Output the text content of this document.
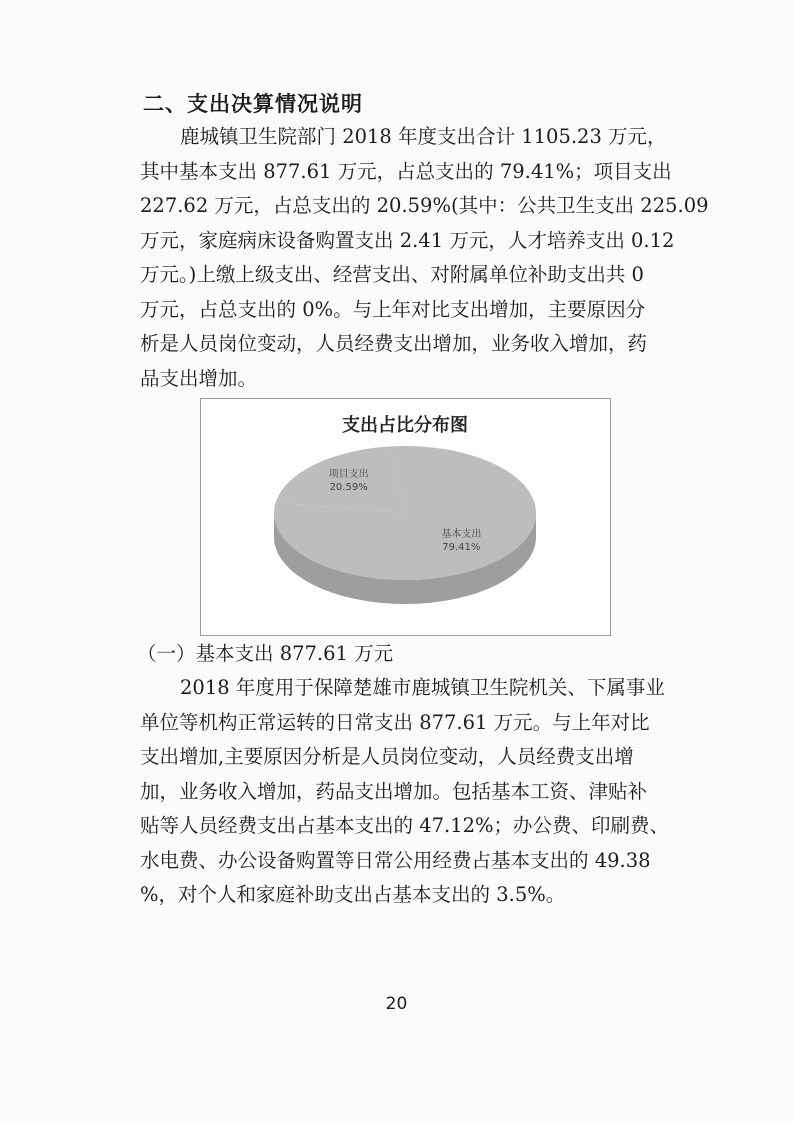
二、支出决算情况说明

鹿城镇卫生院部门 2018 年度支出合计 1105.23 万元，
其中基本支出 877.61 万元，占总支出的 79.41%；项目支出
227.62 万元，占总支出的 20.59%(其中：公共卫生支出 225.09
万元，家庭病床设备购置支出 2.41 万元，人才培养支出 0.12
万元。)上缴上级支出、经营支出、对附属单位补助支出共 0
万元，占总支出的 0%。与上年对比支出增加，主要原因分
析是人员岗位变动，人员经费支出增加，业务收入增加，药
品支出增加。

支出占比分布图
项目支出
20.59%
基本支出
79.41%
（一）基本支出 877.61 万元

2018 年度用于保障楚雄市鹿城镇卫生院机关、下属事业
单位等机构正常运转的日常支出 877.61 万元。与上年对比
支出增加,主要原因分析是人员岗位变动，人员经费支出增
加，业务收入增加，药品支出增加。包括基本工资、津贴补
贴等人员经费支出占基本支出的 47.12%；办公费、印刷费、
水电费、办公设备购置等日常公用经费占基本支出的 49.38
%，对个人和家庭补助支出占基本支出的 3.5%。

20
